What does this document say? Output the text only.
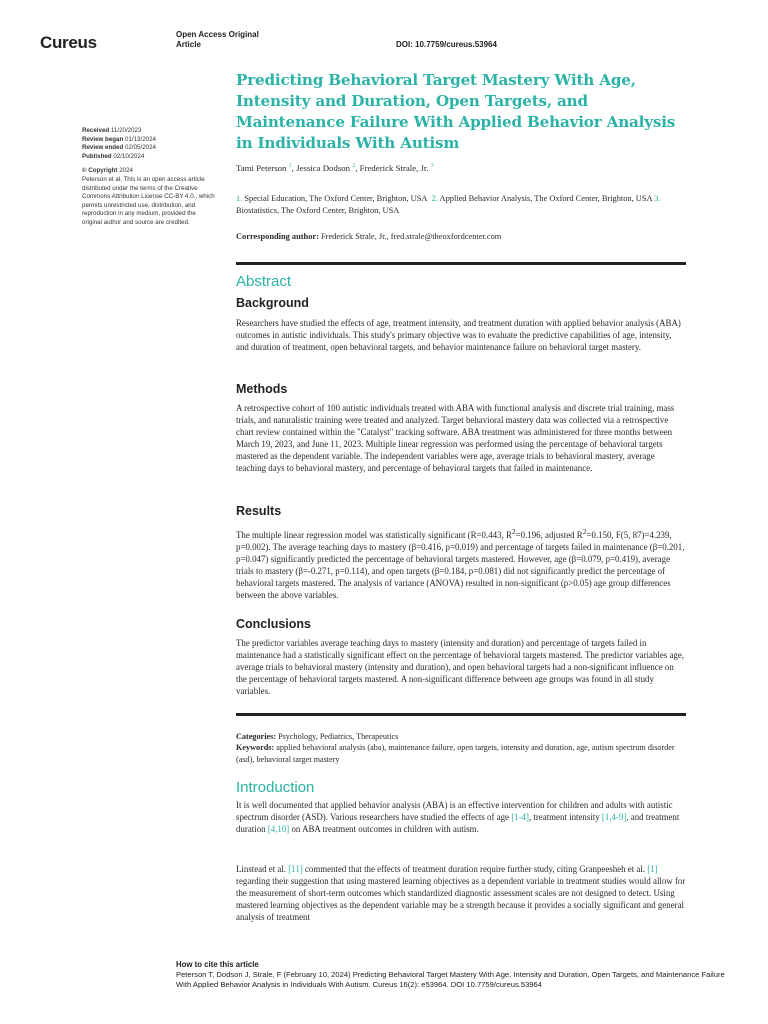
Cureus	Open Access Original
Article	DOI: 10.7759/cureus.53964
Received 11/20/2023
Review began 01/13/2024
Review ended 02/05/2024
Published 02/10/2024
© Copyright 2024
Peterson et al. This is an open access article distributed under the terms of the Creative Commons Attribution License CC-BY 4.0., which permits unrestricted use, distribution, and reproduction in any medium, provided the original author and source are credited.
Predicting Behavioral Target Mastery With Age, Intensity and Duration, Open Targets, and Maintenance Failure With Applied Behavior Analysis in Individuals With Autism
Tami Peterson $^1$, Jessica Dodson $^2$, Frederick Strale, Jr. $^3$
1. Special Education, The Oxford Center, Brighton, USA 2. Applied Behavior Analysis, The Oxford Center, Brighton, USA 3. Biostatistics, The Oxford Center, Brighton, USA
Corresponding author: Frederick Strale, Jr., fred.strale@theoxfordcenter.com
Abstract
Background
Researchers have studied the effects of age, treatment intensity, and treatment duration with applied behavior analysis (ABA) outcomes in autistic individuals. This study's primary objective was to evaluate the predictive capabilities of age, intensity, and duration of treatment, open behavioral targets, and behavior maintenance failure on behavioral target mastery.
Methods
A retrospective cohort of 100 autistic individuals treated with ABA with functional analysis and discrete trial training, mass trials, and naturalistic training were treated and analyzed. Target behavioral mastery data was collected via a retrospective chart review contained within the "Catalyst" tracking software. ABA treatment was administered for three months between March 19, 2023, and June 11, 2023. Multiple linear regression was performed using the percentage of behavioral targets mastered as the dependent variable. The independent variables were age, average trials to behavioral mastery, average teaching days to behavioral mastery, and percentage of behavioral targets that failed in maintenance.
Results
The multiple linear regression model was statistically significant (R=0.443, $R^2=0.196$, adjusted $R^2=0.150$, F(5, 87)=4.239, p=0.002). The average teaching days to mastery (β=0.416, p=0.019) and percentage of targets failed in maintenance (β=0.201, p=0.047) significantly predicted the percentage of behavioral targets mastered. However, age (β=0.079, p=0.419), average trials to mastery (β=-0.271, p=0.114), and open targets (β=0.184, p=0.081) did not significantly predict the percentage of behavioral targets mastered. The analysis of variance (ANOVA) resulted in non-significant (p>0.05) age group differences between the above variables.
Conclusions
The predictor variables average teaching days to mastery (intensity and duration) and percentage of targets failed in maintenance had a statistically significant effect on the percentage of behavioral targets mastered. The predictor variables age, average trials to behavioral mastery (intensity and duration), and open behavioral targets had a non-significant influence on the percentage of behavioral targets mastered. A non-significant difference between age groups was found in all study variables.
Categories: Psychology, Pediatrics, Therapeutics
Keywords: applied behavioral analysis (aba), maintenance failure, open targets, intensity and duration, age, autism spectrum disorder (asd), behavioral target mastery
Introduction
It is well documented that applied behavior analysis (ABA) is an effective intervention for children and adults with autistic spectrum disorder (ASD). Various researchers have studied the effects of age [1-4], treatment intensity [1,4-9], and treatment duration [4,10] on ABA treatment outcomes in children with autism.
Linstead et al. [11] commented that the effects of treatment duration require further study, citing Granpeesheh et al. [1] regarding their suggestion that using mastered learning objectives as a dependent variable in treatment studies would allow for the measurement of short-term outcomes which standardized diagnostic assessment scales are not designed to detect. Using mastered learning objectives as the dependent variable may be a strength because it provides a socially significant and general analysis of treatment
How to cite this article
Peterson T, Dodson J, Strale, F (February 10, 2024) Predicting Behavioral Target Mastery With Age, Intensity and Duration, Open Targets, and Maintenance Failure With Applied Behavior Analysis in Individuals With Autism. Cureus 16(2): e53964. DOI 10.7759/cureus.53964
